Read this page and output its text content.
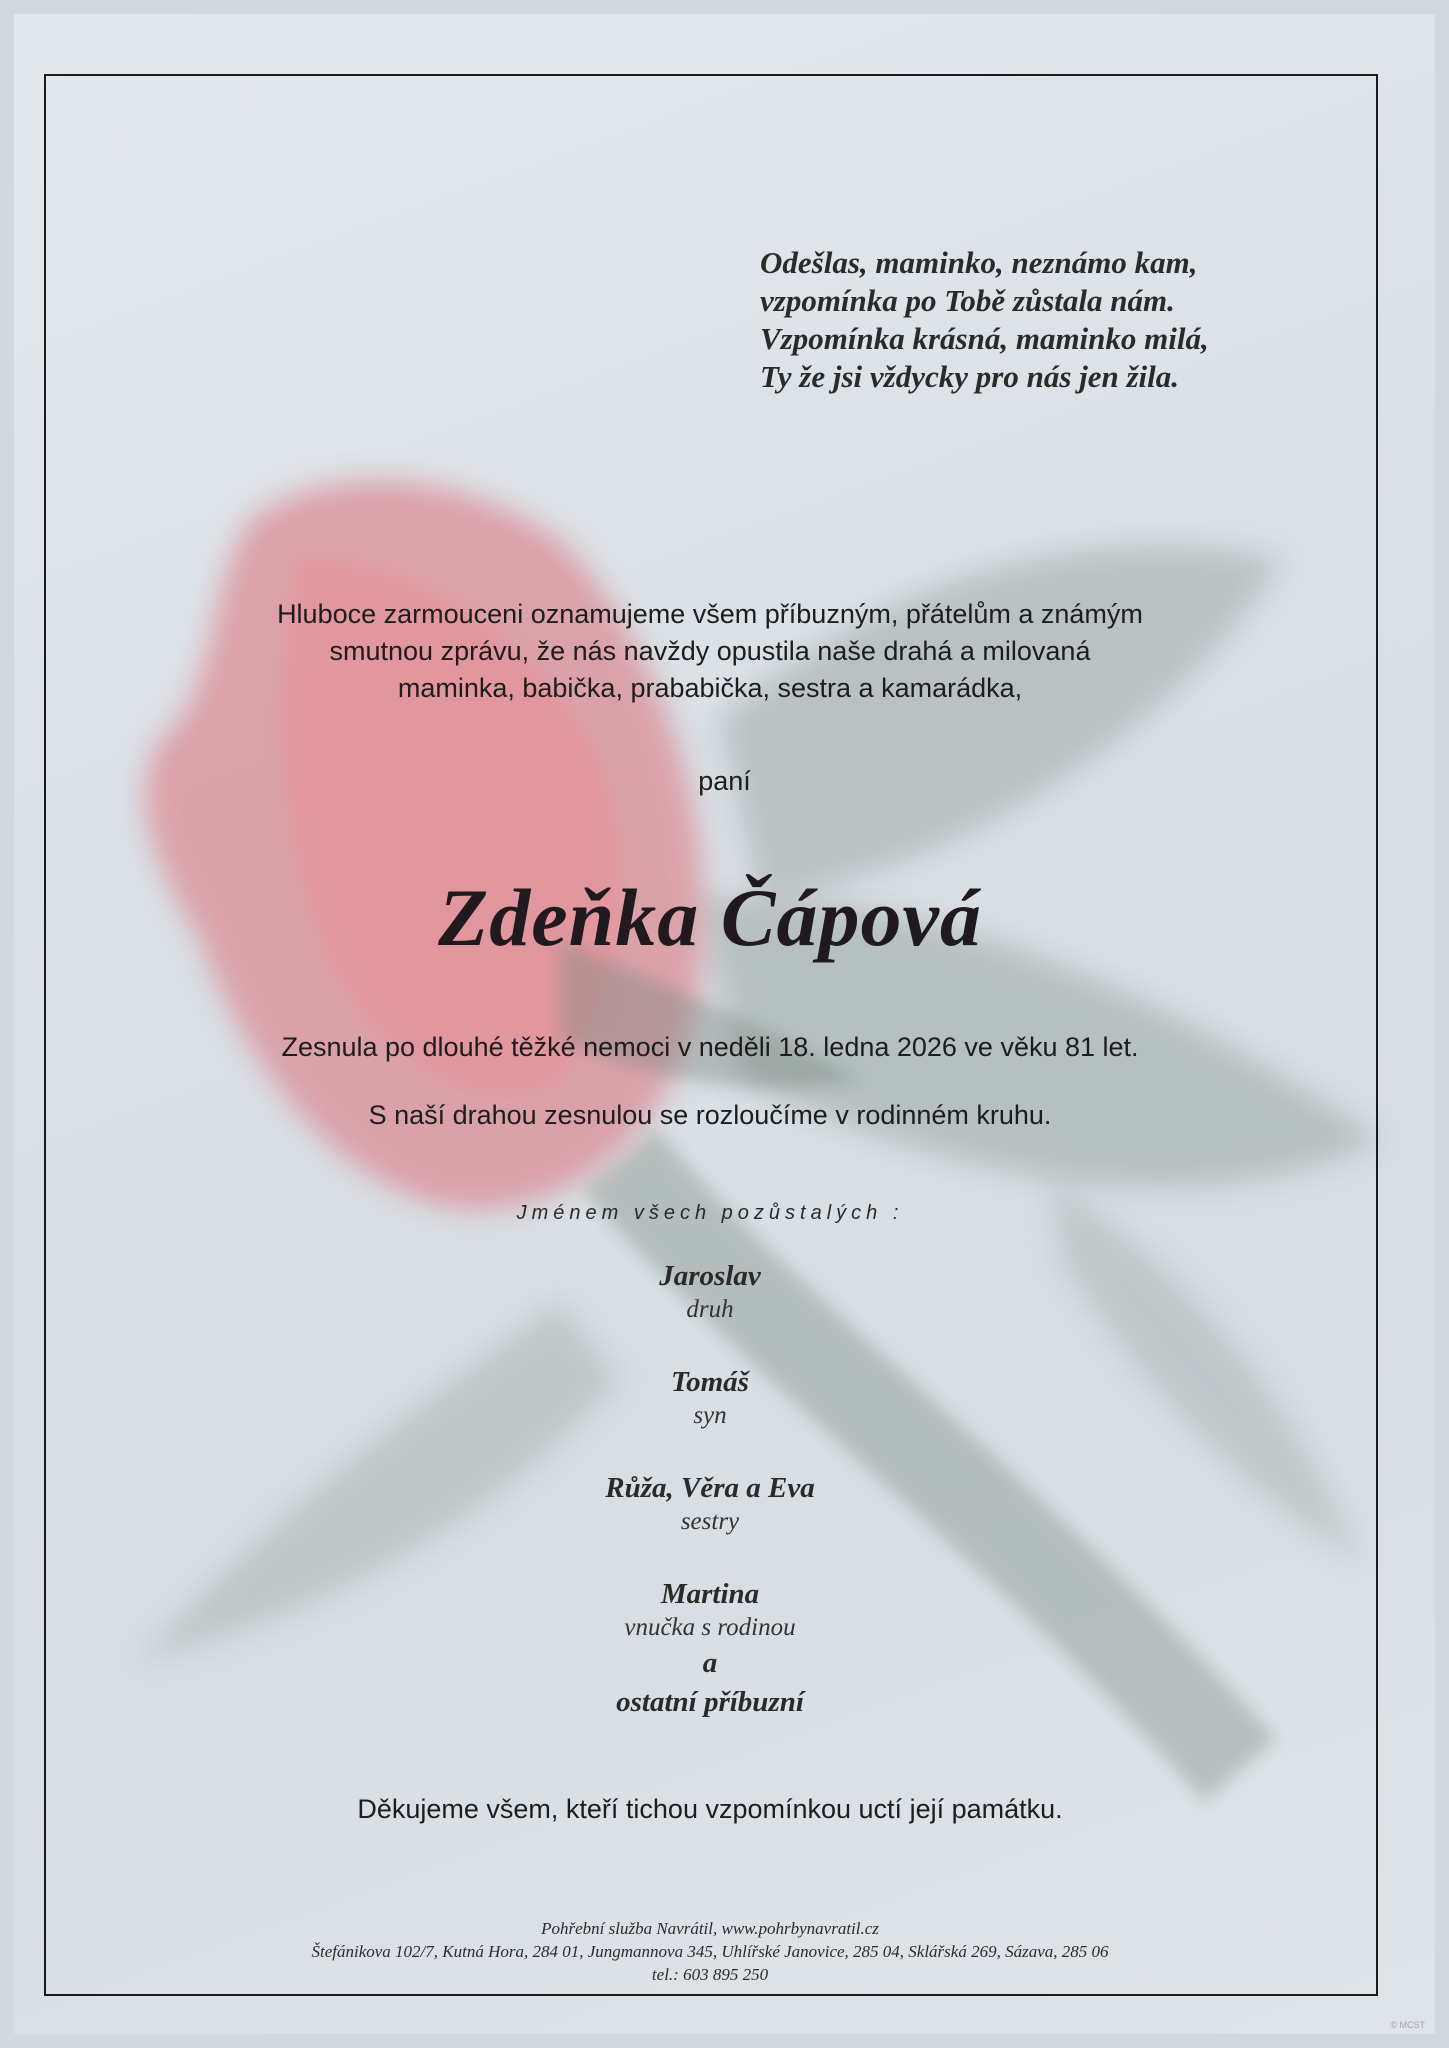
Odešlas, maminko, neznámo kam,
vzpomínka po Tobě zůstala nám.
Vzpomínka krásná, maminko milá,
Ty že jsi vždycky pro nás jen žila.
Hluboce zarmouceni oznamujeme všem příbuzným, přátelům a známým
smutnou zprávu, že nás navždy opustila naše drahá a milovaná
maminka, babička, prababička, sestra a kamarádka,
paní
Zdeňka Čápová
Zesnula po dlouhé těžké nemoci v neděli 18. ledna 2026 ve věku 81 let.
S naší drahou zesnulou se rozloučíme v rodinném kruhu.
Jménem všech pozůstalých :
Jaroslav
druh
Tomáš
syn
Růža, Věra a Eva
sestry
Martina
vnučka s rodinou
a
ostatní příbuzní
Děkujeme všem, kteří tichou vzpomínkou uctí její památku.
Pohřební služba Navrátil, www.pohrbynavratil.cz
Štefánikova 102/7, Kutná Hora, 284 01, Jungmannova 345, Uhlířské Janovice, 285 04, Sklářská 269, Sázava, 285 06
tel.: 603 895 250
© MCST
